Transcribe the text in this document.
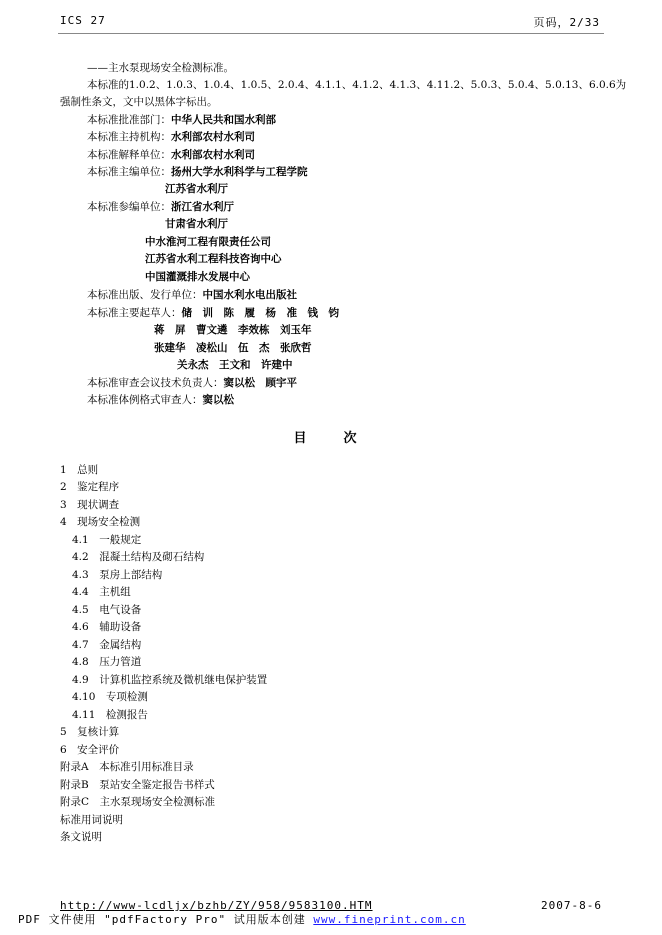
ICS 27	页码，2/33
——主水泵现场安全检测标准。
本标准的1.0.2、1.0.3、1.0.4、1.0.5、2.0.4、4.1.1、4.1.2、4.1.3、4.11.2、5.0.3、5.0.4、5.0.13、6.0.6为
强制性条文，文中以黑体字标出。
本标准批准部门：中华人民共和国水利部
本标准主持机构：水利部农村水利司
本标准解释单位：水利部农村水利司
本标准主编单位：扬州大学水利科学与工程学院
江苏省水利厅
本标准参编单位：浙江省水利厅
甘肃省水利厅
中水淮河工程有限责任公司
江苏省水利工程科技咨询中心
中国灌溉排水发展中心
本标准出版、发行单位：中国水利水电出版社
本标准主要起草人：储　训　陈　履　杨　准　钱　钧
蒋　屏　曹文遴　李效栋　刘玉年
张建华　凌松山　伍　杰　张欣哲
关永杰　王文和　许建中
本标准审查会议技术负责人：窦以松　顾宇平
本标准体例格式审查人：窦以松
目　次
1　总则
2　鉴定程序
3　现状调查
4　现场安全检测
4.1　一般规定
4.2　混凝土结构及砌石结构
4.3　泵房上部结构
4.4　主机组
4.5　电气设备
4.6　辅助设备
4.7　金属结构
4.8　压力管道
4.9　计算机监控系统及微机继电保护装置
4.10　专项检测
4.11　检测报告
5　复核计算
6　安全评价
附录A　本标准引用标准目录
附录B　泵站安全鉴定报告书样式
附录C　主水泵现场安全检测标准
标准用词说明
条文说明
http://www-lcdljx/bzhb/ZY/958/9583100.HTM	2007-8-6
PDF 文件使用 "pdfFactory Pro" 试用版本创建 www.fineprint.com.cn
